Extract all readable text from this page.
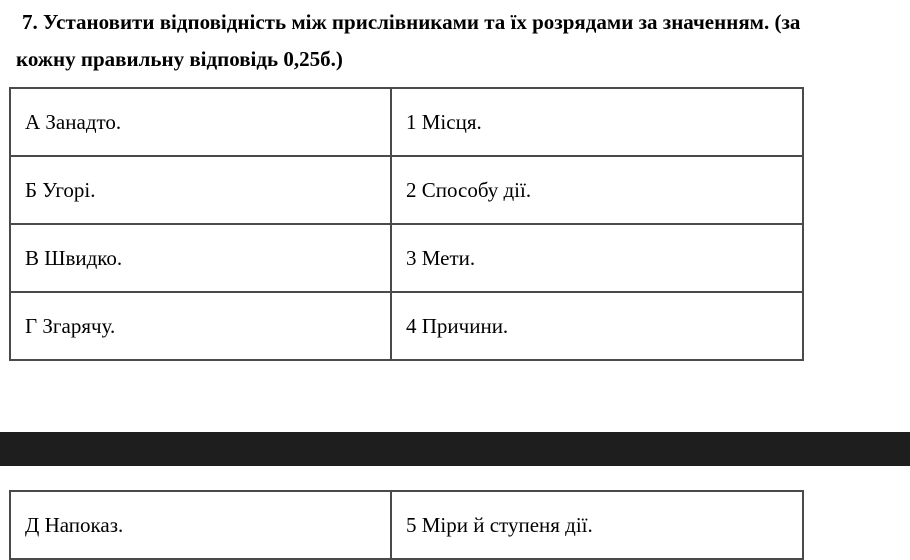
7. Установити відповідність між прислівниками та їх розрядами за значенням. (за
кожну правильну відповідь 0,25б.)
А Занадто.	1 Місця.
Б Угорі.	2 Способу дії.
В Швидко.	3 Мети.
Г Згарячу.	4 Причини.
Д Напоказ.	5 Міри й ступеня дії.
